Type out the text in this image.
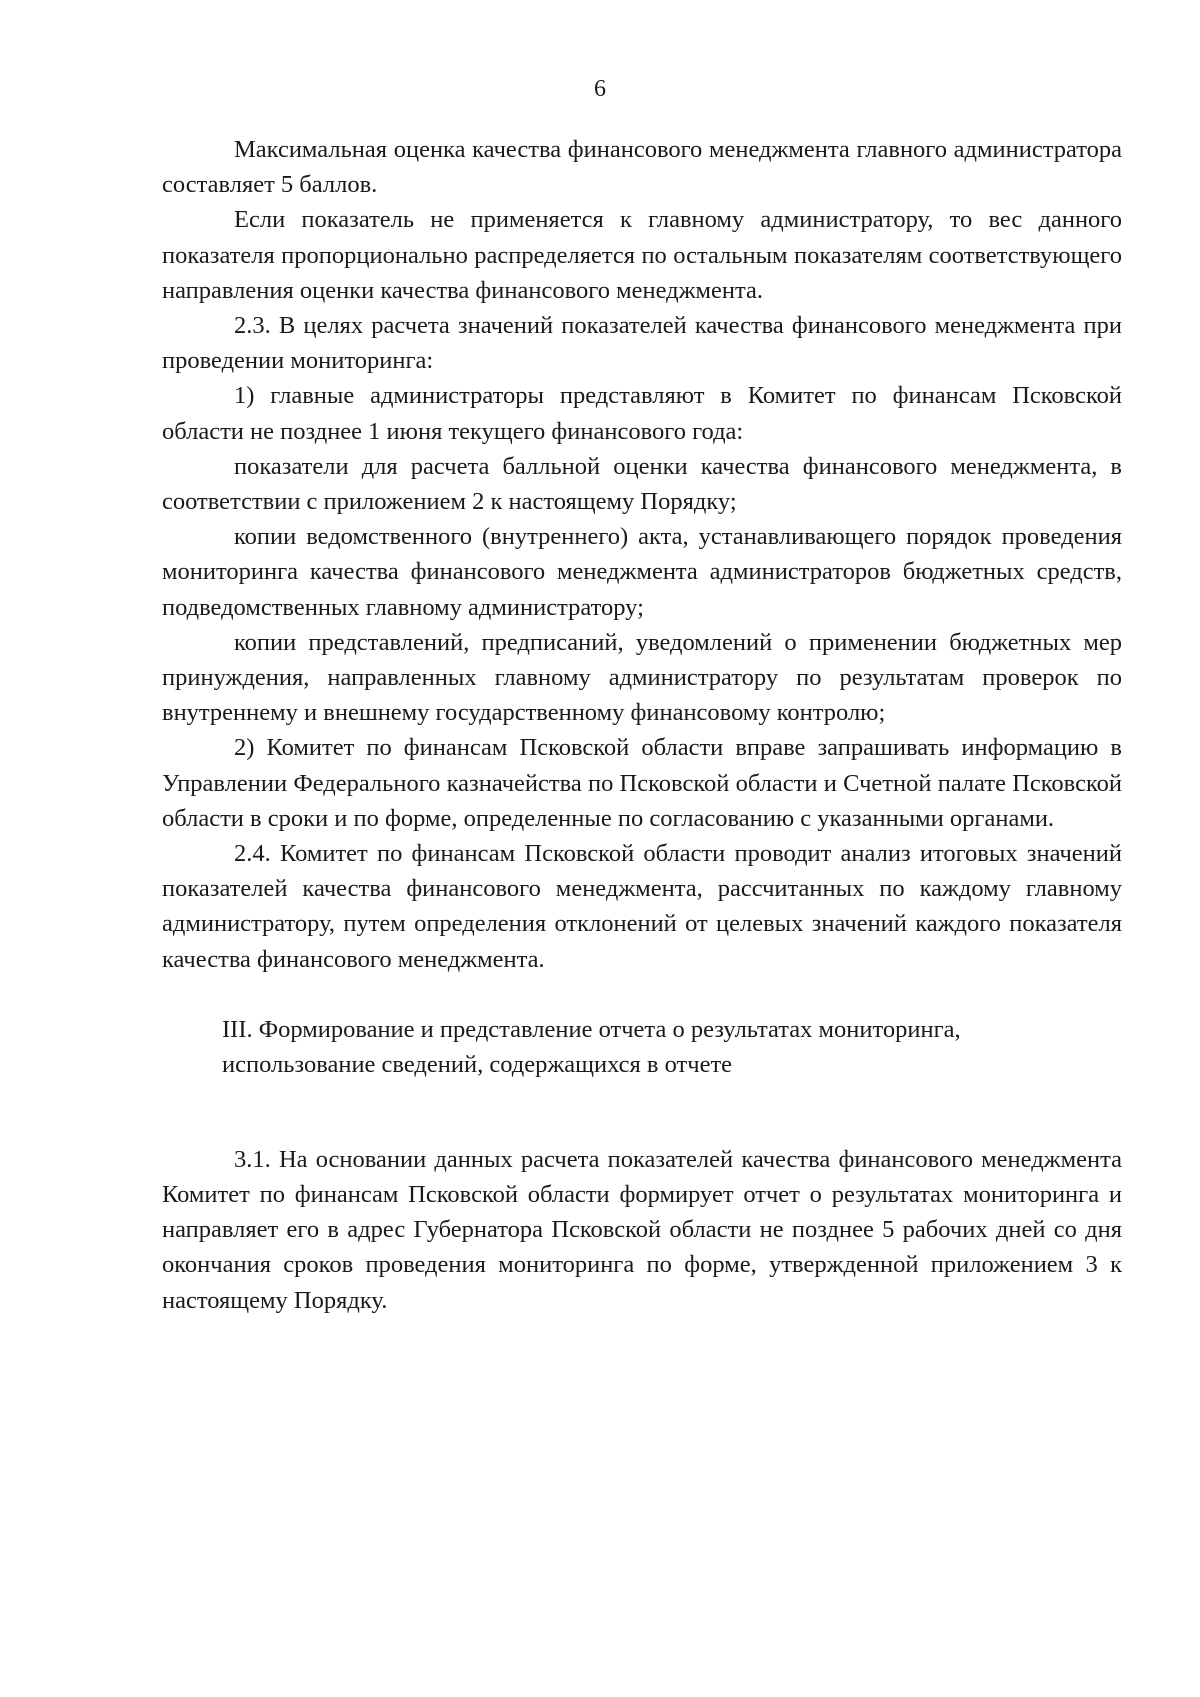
6

Максимальная оценка качества финансового менеджмента главного администратора составляет 5 баллов.

Если показатель не применяется к главному администратору, то вес данного показателя пропорционально распределяется по остальным показателям соответствующего направления оценки качества финансового менеджмента.

2.3. В целях расчета значений показателей качества финансового менеджмента при проведении мониторинга:

1) главные администраторы представляют в Комитет по финансам Псковской области не позднее 1 июня текущего финансового года:

показатели для расчета балльной оценки качества финансового менеджмента, в соответствии с приложением 2 к настоящему Порядку;

копии ведомственного (внутреннего) акта, устанавливающего порядок проведения мониторинга качества финансового менеджмента администраторов бюджетных средств, подведомственных главному администратору;

копии представлений, предписаний, уведомлений о применении бюджетных мер принуждения, направленных главному администратору по результатам проверок по внутреннему и внешнему государственному финансовому контролю;

2) Комитет по финансам Псковской области вправе запрашивать информацию в Управлении Федерального казначейства по Псковской области и Счетной палате Псковской области в сроки и по форме, определенные по согласованию с указанными органами.

2.4. Комитет по финансам Псковской области проводит анализ итоговых значений показателей качества финансового менеджмента, рассчитанных по каждому главному администратору, путем определения отклонений от целевых значений каждого показателя качества финансового менеджмента.

III. Формирование и представление отчета о результатах мониторинга,
использование сведений, содержащихся в отчете

3.1. На основании данных расчета показателей качества финансового менеджмента Комитет по финансам Псковской области формирует отчет о результатах мониторинга и направляет его в адрес Губернатора Псковской области не позднее 5 рабочих дней со дня окончания сроков проведения мониторинга по форме, утвержденной приложением 3 к настоящему Порядку.
